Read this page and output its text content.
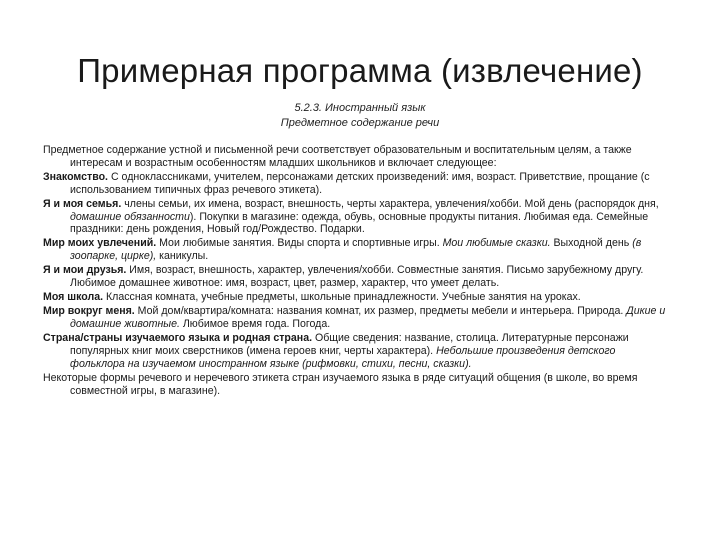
Примерная программа (извлечение)
5.2.3. Иностранный язык
Предметное содержание речи

Предметное содержание устной и письменной речи соответствует образовательным и воспитательным целям, а также интересам и возрастным особенностям младших школьников и включает следующее:

Знакомство. С одноклассниками, учителем, персонажами детских произведений: имя, возраст. Приветствие, прощание (с использованием типичных фраз речевого этикета).

Я и моя семья. члены семьи, их имена, возраст, внешность, черты характера, увлечения/хобби. Мой день (распорядок дня, домашние обязанности). Покупки в магазине: одежда, обувь, основные продукты питания. Любимая еда. Семейные праздники: день рождения, Новый год/Рождество. Подарки.

Мир моих увлечений. Мои любимые занятия. Виды спорта и спортивные игры. Мои любимые сказки. Выходной день (в зоопарке, цирке), каникулы.

Я и мои друзья. Имя, возраст, внешность, характер, увлечения/хобби. Совместные занятия. Письмо зарубежному другу. Любимое домашнее животное: имя, возраст, цвет, размер, характер, что умеет делать.

Моя школа. Классная комната, учебные предметы, школьные принадлежности. Учебные занятия на уроках.

Мир вокруг меня. Мой дом/квартира/комната: названия комнат, их размер, предметы мебели и интерьера. Природа. Дикие и домашние животные. Любимое время года. Погода.

Страна/страны изучаемого языка и родная страна. Общие сведения: название, столица. Литературные персонажи популярных книг моих сверстников (имена героев книг, черты характера). Небольшие произведения детского фольклора на изучаемом иностранном языке (рифмовки, стихи, песни, сказки).

Некоторые формы речевого и неречевого этикета стран изучаемого языка в ряде ситуаций общения (в школе, во время совместной игры, в магазине).
